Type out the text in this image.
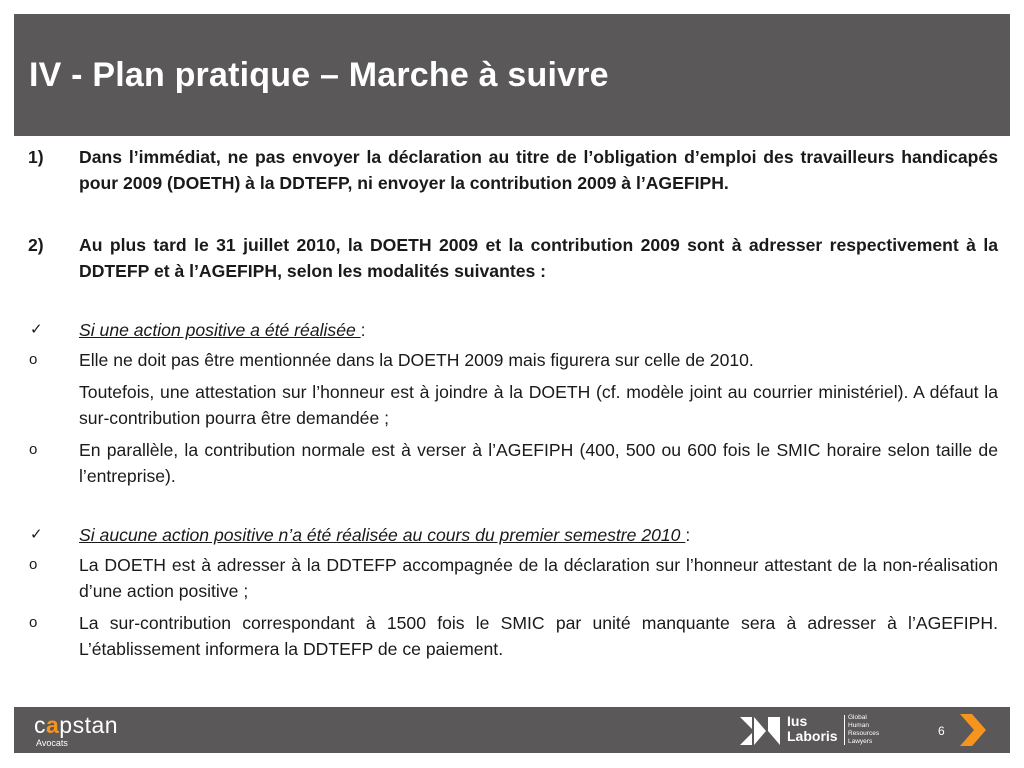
IV - Plan pratique – Marche à suivre
1)	Dans l’immédiat, ne pas envoyer la déclaration au titre de l’obligation d’emploi des travailleurs handicapés pour 2009 (DOETH) à la DDTEFP, ni envoyer la contribution 2009 à l’AGEFIPH.
2)	Au plus tard le 31 juillet 2010, la DOETH 2009 et la contribution 2009 sont à adresser respectivement à la DDTEFP et à l’AGEFIPH, selon les modalités suivantes :
✓	Si une action positive a été réalisée :
o	Elle ne doit pas être mentionnée dans la DOETH 2009 mais figurera sur celle de 2010.
Toutefois, une attestation sur l’honneur est à joindre à la DOETH (cf. modèle joint au courrier ministériel). A défaut la sur-contribution pourra être demandée ;
o	En parallèle, la contribution normale est à verser à l’AGEFIPH (400, 500 ou 600 fois le SMIC horaire selon taille de l’entreprise).
✓	Si aucune action positive n’a été réalisée au cours du premier semestre 2010 :
o	La DOETH est à adresser à la DDTEFP accompagnée de la déclaration sur l’honneur attestant de la non-réalisation d’une action positive ;
o	La sur-contribution correspondant à 1500 fois le SMIC par unité manquante sera à adresser à l’AGEFIPH. L’établissement informera la DDTEFP de ce paiement.
capstan
Avocats
Ius
Laboris
Global
Human
Resources
Lawyers
6
